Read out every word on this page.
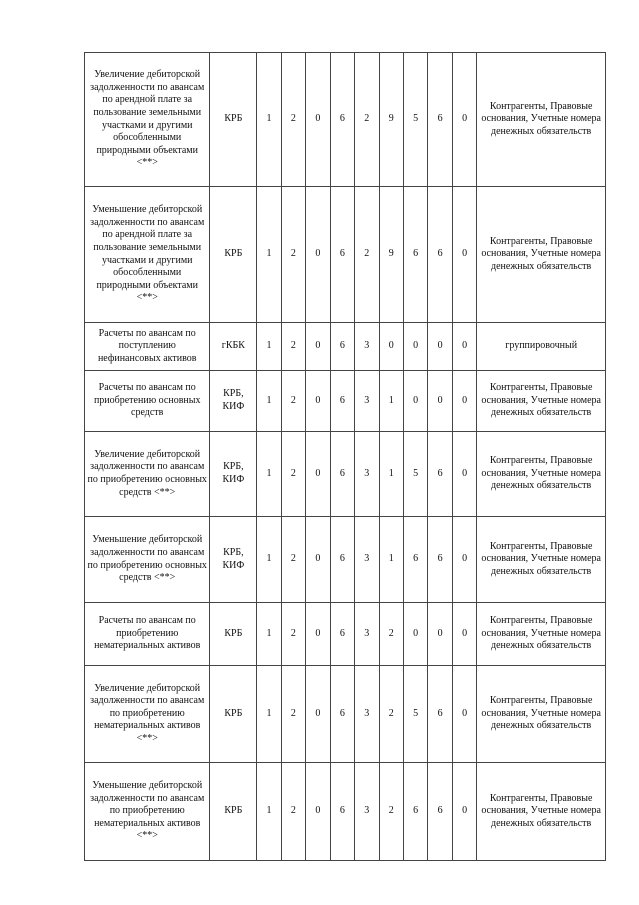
Увеличение дебиторской задолженности по авансам по арендной плате за пользование земельными участками и другими обособленными природными объектами <**>	КРБ	1	2	0	6	2	9	5	6	0	Контрагенты, Правовые основания, Учетные номера денежных обязательств
Уменьшение дебиторской задолженности по авансам по арендной плате за пользование земельными участками и другими обособленными природными объектами <**>	КРБ	1	2	0	6	2	9	6	6	0	Контрагенты, Правовые основания, Учетные номера денежных обязательств
Расчеты по авансам по поступлению нефинансовых активов	гКБК	1	2	0	6	3	0	0	0	0	группировочный
Расчеты по авансам по приобретению основных средств	КРБ, КИФ	1	2	0	6	3	1	0	0	0	Контрагенты, Правовые основания, Учетные номера денежных обязательств
Увеличение дебиторской задолженности по авансам по приобретению основных средств <**>	КРБ, КИФ	1	2	0	6	3	1	5	6	0	Контрагенты, Правовые основания, Учетные номера денежных обязательств
Уменьшение дебиторской задолженности по авансам по приобретению основных средств <**>	КРБ, КИФ	1	2	0	6	3	1	6	6	0	Контрагенты, Правовые основания, Учетные номера денежных обязательств
Расчеты по авансам по приобретению нематериальных активов	КРБ	1	2	0	6	3	2	0	0	0	Контрагенты, Правовые основания, Учетные номера денежных обязательств
Увеличение дебиторской задолженности по авансам по приобретению нематериальных активов <**>	КРБ	1	2	0	6	3	2	5	6	0	Контрагенты, Правовые основания, Учетные номера денежных обязательств
Уменьшение дебиторской задолженности по авансам по приобретению нематериальных активов <**>	КРБ	1	2	0	6	3	2	6	6	0	Контрагенты, Правовые основания, Учетные номера денежных обязательств
